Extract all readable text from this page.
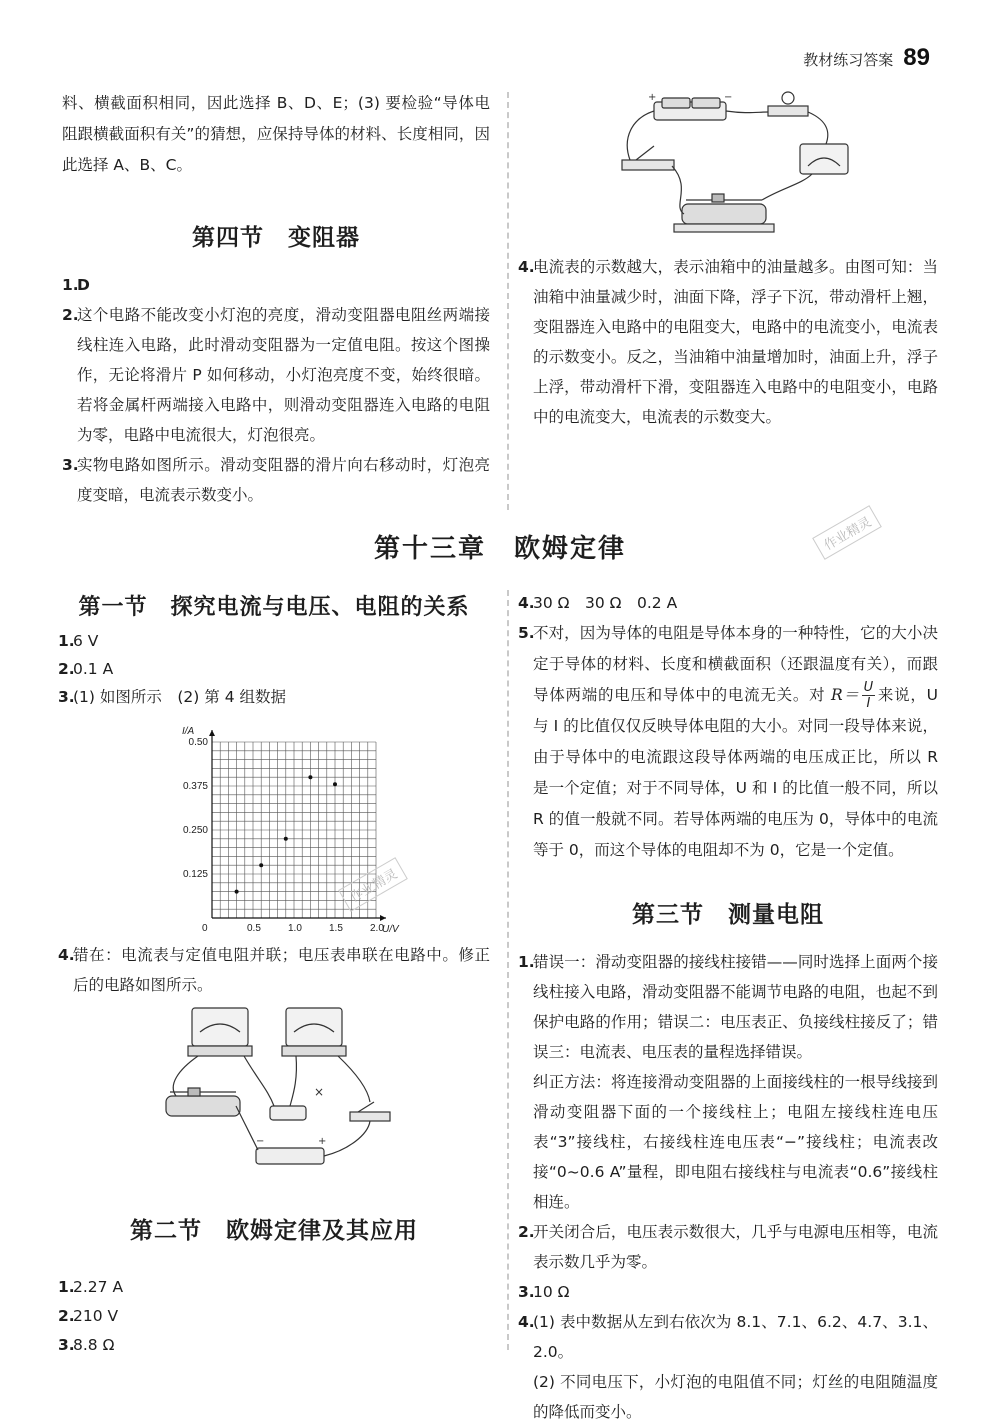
教材练习答案 89

料、横截面积相同，因此选择 B、D、E；(3) 要检验“导体电阻跟横截面积有关”的猜想，应保持导体的材料、长度相同，因此选择 A、B、C。

第四节　变阻器
1.
D
2.
这个电路不能改变小灯泡的亮度，滑动变阻器电阻丝两端接线柱连入电路，此时滑动变阻器为一定值电阻。按这个图操作，无论将滑片 P 如何移动，小灯泡亮度不变，始终很暗。若将金属杆两端接入电路中，则滑动变阻器连入电路的电阻为零，电路中电流很大，灯泡很亮。
3.
实物电路如图所示。滑动变阻器的滑片向右移动时，灯泡亮度变暗，电流表示数变小。
+	−
4.
电流表的示数越大，表示油箱中的油量越多。由图可知：当油箱中油量减少时，油面下降，浮子下沉，带动滑杆上翘，变阻器连入电路中的电阻变大，电路中的电流变小，电流表的示数变小。反之，当油箱中油量增加时，油面上升，浮子上浮，带动滑杆下滑，变阻器连入电路中的电阻变小，电路中的电流变大，电流表的示数变大。
第十三章　欧姆定律
第一节　探究电流与电压、电阻的关系
1.
6 V
2.
0.1 A
3.
(1) 如图所示　(2) 第 4 组数据
0	0.5	1.0	1.5	2.0
0.125
0.250
0.375
0.50
U/V
I/A
4.
错在：电流表与定值电阻并联；电压表串联在电路中。修正后的电路如图所示。
×
−	+
第二节　欧姆定律及其应用
1.
2.27 A
2.
210 V
3.
8.8 Ω
4.
30 Ω　30 Ω　0.2 A
5.
不对，因为导体的电阻是导体本身的一种特性，它的大小决定于导体的材料、长度和横截面积（还跟温度有关），而跟导体两端的电压和导体中的电流无关。对 $R= \frac{U}{I}$ 来说，U 与 I 的比值仅仅反映导体电阻的大小。对同一段导体来说，由于导体中的电流跟这段导体两端的电压成正比，所以 R 是一个定值；对于不同导体，U 和 I 的比值一般不同，所以 R 的值一般就不同。若导体两端的电压为 0，导体中的电流等于 0，而这个导体的电阻却不为 0，它是一个定值。
第三节　测量电阻
1.
错误一：滑动变阻器的接线柱接错——同时选择上面两个接线柱接入电路，滑动变阻器不能调节电路的电阻，也起不到保护电路的作用；错误二：电压表正、负接线柱接反了；错误三：电流表、电压表的量程选择错误。
纠正方法：将连接滑动变阻器的上面接线柱的一根导线接到滑动变阻器下面的一个接线柱上；电阻左接线柱连电压表“3”接线柱，右接线柱连电压表“−”接线柱；电流表改接“0~0.6 A”量程，即电阻右接线柱与电流表“0.6”接线柱相连。
2.
开关闭合后，电压表示数很大，几乎与电源电压相等，电流表示数几乎为零。
3.
10 Ω
4.
(1) 表中数据从左到右依次为 8.1、7.1、6.2、4.7、3.1、2.0。
(2) 不同电压下，小灯泡的电阻值不同；灯丝的电阻随温度的降低而变小。
作业精灵
作业精灵
